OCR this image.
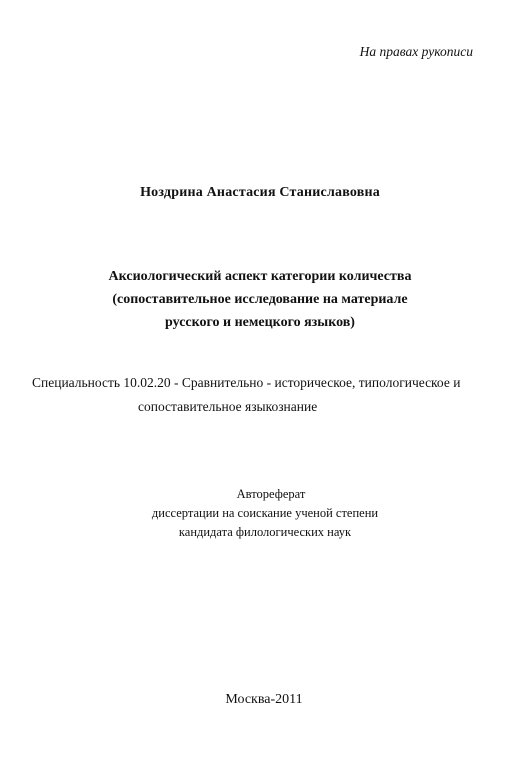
На правах рукописи
Ноздрина Анастасия Станиславовна
Аксиологический аспект категории количества
(сопоставительное исследование на материале
русского и немецкого языков)
Специальность 10.02.20 - Сравнительно - историческое, типологическое и
сопоставительное языкознание
Автореферат
диссертации на соискание ученой степени
кандидата филологических наук
Москва-2011
